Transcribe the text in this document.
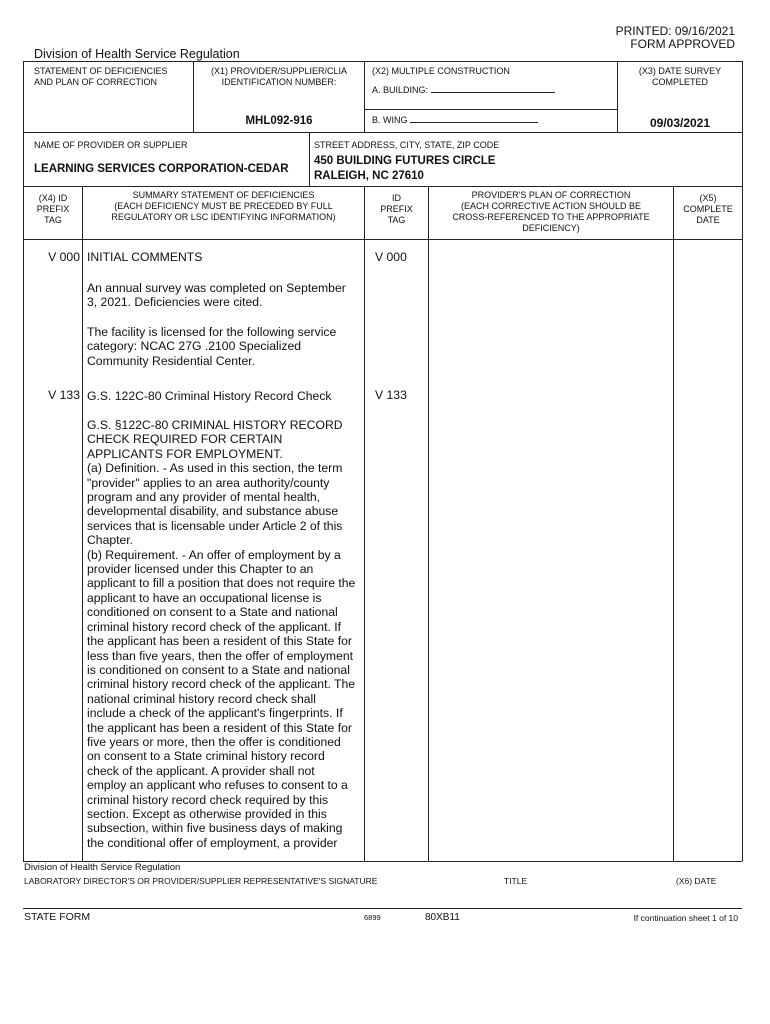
PRINTED: 09/16/2021
FORM APPROVED
Division of Health Service Regulation
STATEMENT OF DEFICIENCIES
AND PLAN OF CORRECTION
(X1) PROVIDER/SUPPLIER/CLIA
IDENTIFICATION NUMBER:
MHL092-916
(X2) MULTIPLE CONSTRUCTION
A. BUILDING:
B. WING
(X3) DATE SURVEY
COMPLETED
09/03/2021
NAME OF PROVIDER OR SUPPLIER
LEARNING SERVICES CORPORATION-CEDAR
STREET ADDRESS, CITY, STATE, ZIP CODE
450 BUILDING FUTURES CIRCLE
RALEIGH, NC 27610
(X4) ID
PREFIX
TAG
SUMMARY STATEMENT OF DEFICIENCIES
(EACH DEFICIENCY MUST BE PRECEDED BY FULL
REGULATORY OR LSC IDENTIFYING INFORMATION)
ID
PREFIX
TAG
PROVIDER'S PLAN OF CORRECTION
(EACH CORRECTIVE ACTION SHOULD BE
CROSS-REFERENCED TO THE APPROPRIATE
DEFICIENCY)
(X5)
COMPLETE
DATE
V 000	V 000
INITIAL COMMENTS
An annual survey was completed on September
3, 2021. Deficiencies were cited.
The facility is licensed for the following service
category: NCAC 27G .2100 Specialized
Community Residential Center.
V 133	V 133
G.S. 122C-80 Criminal History Record Check
G.S. §122C-80 CRIMINAL HISTORY RECORD
CHECK REQUIRED FOR CERTAIN
APPLICANTS FOR EMPLOYMENT.
(a) Definition. - As used in this section, the term
"provider" applies to an area authority/county
program and any provider of mental health,
developmental disability, and substance abuse
services that is licensable under Article 2 of this
Chapter.
(b) Requirement. - An offer of employment by a
provider licensed under this Chapter to an
applicant to fill a position that does not require the
applicant to have an occupational license is
conditioned on consent to a State and national
criminal history record check of the applicant. If
the applicant has been a resident of this State for
less than five years, then the offer of employment
is conditioned on consent to a State and national
criminal history record check of the applicant. The
national criminal history record check shall
include a check of the applicant's fingerprints. If
the applicant has been a resident of this State for
five years or more, then the offer is conditioned
on consent to a State criminal history record
check of the applicant. A provider shall not
employ an applicant who refuses to consent to a
criminal history record check required by this
section. Except as otherwise provided in this
subsection, within five business days of making
the conditional offer of employment, a provider
Division of Health Service Regulation
LABORATORY DIRECTOR'S OR PROVIDER/SUPPLIER REPRESENTATIVE'S SIGNATURE	TITLE	(X6) DATE
STATE FORM	6899	80XB11	If continuation sheet 1 of 10
